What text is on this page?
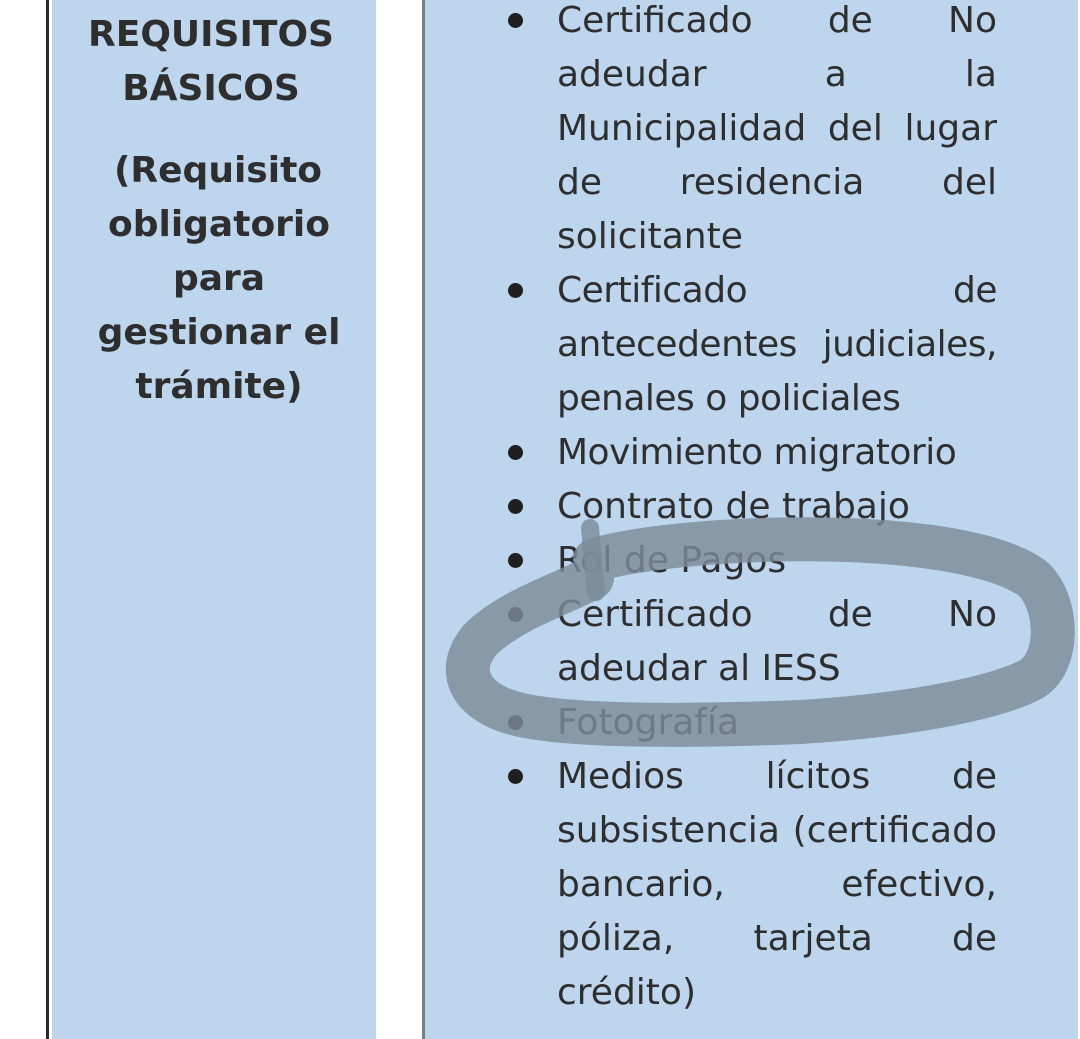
REQUISITOS
BÁSICOS
(Requisito
obligatorio
para
gestionar el
trámite)
Certificado de No adeudar a la Municipalidad del lugar de residencia del solicitante
Certificado de antecedentes judiciales, penales o policiales
Movimiento migratorio
Contrato de trabajo
Rol de Pagos
Certificado de No adeudar al IESS
Fotografía
Medios lícitos de subsistencia (certificado bancario, efectivo, póliza, tarjeta de crédito)
